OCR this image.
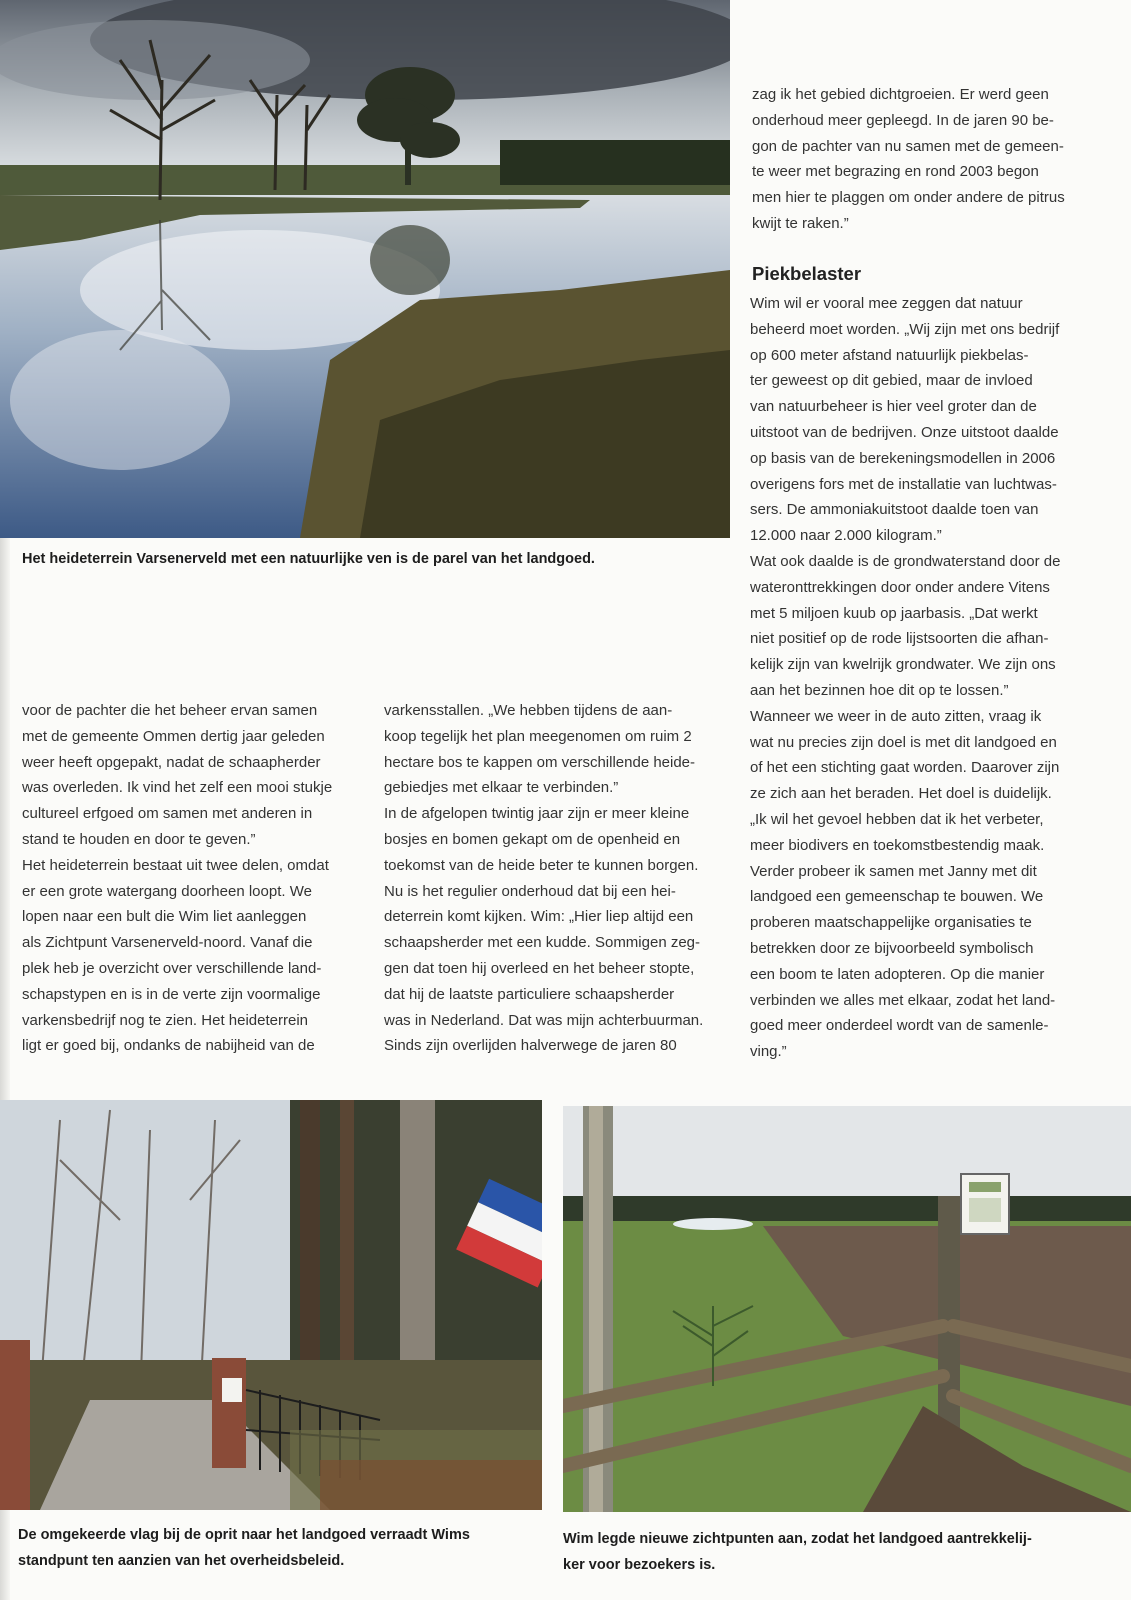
Het heideterrein Varsenerveld met een natuurlijke ven is de parel van het landgoed.
zag ik het gebied dichtgroeien. Er werd geen
onderhoud meer gepleegd. In de jaren 90 be-
gon de pachter van nu samen met de gemeen-
te weer met begrazing en rond 2003 begon
men hier te plaggen om onder andere de pitrus
kwijt te raken.”
Piekbelaster
Wim wil er vooral mee zeggen dat natuur
beheerd moet worden. „Wij zijn met ons bedrijf
op 600 meter afstand natuurlijk piekbelas-
ter geweest op dit gebied, maar de invloed
van natuurbeheer is hier veel groter dan de
uitstoot van de bedrijven. Onze uitstoot daalde
op basis van de berekeningsmodellen in 2006
overigens fors met de installatie van luchtwas-
sers. De ammoniakuitstoot daalde toen van
12.000 naar 2.000 kilogram.”
Wat ook daalde is de grondwaterstand door de
wateronttrekkingen door onder andere Vitens
met 5 miljoen kuub op jaarbasis. „Dat werkt
niet positief op de rode lijstsoorten die afhan-
kelijk zijn van kwelrijk grondwater. We zijn ons
aan het bezinnen hoe dit op te lossen.”
Wanneer we weer in de auto zitten, vraag ik
wat nu precies zijn doel is met dit landgoed en
of het een stichting gaat worden. Daarover zijn
ze zich aan het beraden. Het doel is duidelijk.
„Ik wil het gevoel hebben dat ik het verbeter,
meer biodivers en toekomstbestendig maak.
Verder probeer ik samen met Janny met dit
landgoed een gemeenschap te bouwen. We
proberen maatschappelijke organisaties te
betrekken door ze bijvoorbeeld symbolisch
een boom te laten adopteren. Op die manier
verbinden we alles met elkaar, zodat het land-
goed meer onderdeel wordt van de samenle-
ving.”
voor de pachter die het beheer ervan samen
met de gemeente Ommen dertig jaar geleden
weer heeft opgepakt, nadat de schaapherder
was overleden. Ik vind het zelf een mooi stukje
cultureel erfgoed om samen met anderen in
stand te houden en door te geven.”
Het heideterrein bestaat uit twee delen, omdat
er een grote watergang doorheen loopt. We
lopen naar een bult die Wim liet aanleggen
als Zichtpunt Varsenerveld-noord. Vanaf die
plek heb je overzicht over verschillende land-
schapstypen en is in de verte zijn voormalige
varkensbedrijf nog te zien. Het heideterrein
ligt er goed bij, ondanks de nabijheid van de
varkensstallen. „We hebben tijdens de aan-
koop tegelijk het plan meegenomen om ruim 2
hectare bos te kappen om verschillende heide-
gebiedjes met elkaar te verbinden.”
In de afgelopen twintig jaar zijn er meer kleine
bosjes en bomen gekapt om de openheid en
toekomst van de heide beter te kunnen borgen.
Nu is het regulier onderhoud dat bij een hei-
deterrein komt kijken. Wim: „Hier liep altijd een
schaapsherder met een kudde. Sommigen zeg-
gen dat toen hij overleed en het beheer stopte,
dat hij de laatste particuliere schaapsherder
was in Nederland. Dat was mijn achterbuurman.
Sinds zijn overlijden halverwege de jaren 80
De omgekeerde vlag bij de oprit naar het landgoed verraadt Wims
standpunt ten aanzien van het overheidsbeleid.
Wim legde nieuwe zichtpunten aan, zodat het landgoed aantrekkelij-
ker voor bezoekers is.
